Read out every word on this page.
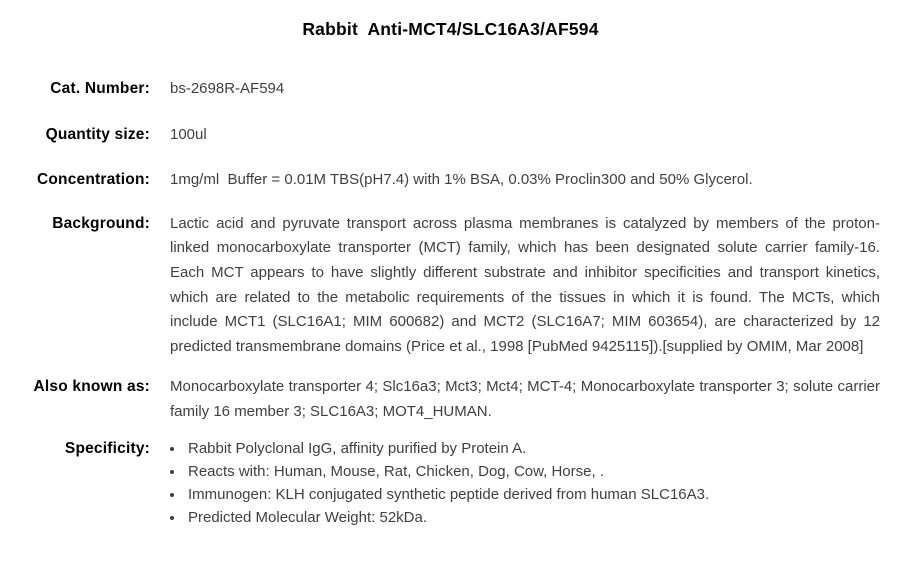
Rabbit  Anti-MCT4/SLC16A3/AF594
Cat. Number: bs-2698R-AF594
Quantity size: 100ul
Concentration: 1mg/ml  Buffer = 0.01M TBS(pH7.4) with 1% BSA, 0.03% Proclin300 and 50% Glycerol.
Background: Lactic acid and pyruvate transport across plasma membranes is catalyzed by members of the proton-linked monocarboxylate transporter (MCT) family, which has been designated solute carrier family-16. Each MCT appears to have slightly different substrate and inhibitor specificities and transport kinetics, which are related to the metabolic requirements of the tissues in which it is found. The MCTs, which include MCT1 (SLC16A1; MIM 600682) and MCT2 (SLC16A7; MIM 603654), are characterized by 12 predicted transmembrane domains (Price et al., 1998 [PubMed 9425115]).[supplied by OMIM, Mar 2008]
Also known as: Monocarboxylate transporter 4; Slc16a3; Mct3; Mct4; MCT-4; Monocarboxylate transporter 3; solute carrier family 16 member 3; SLC16A3; MOT4_HUMAN.
Specificity:	• Rabbit Polyclonal IgG, affinity purified by Protein A.
• Reacts with: Human, Mouse, Rat, Chicken, Dog, Cow, Horse, .
• Immunogen: KLH conjugated synthetic peptide derived from human SLC16A3.
• Predicted Molecular Weight: 52kDa.
